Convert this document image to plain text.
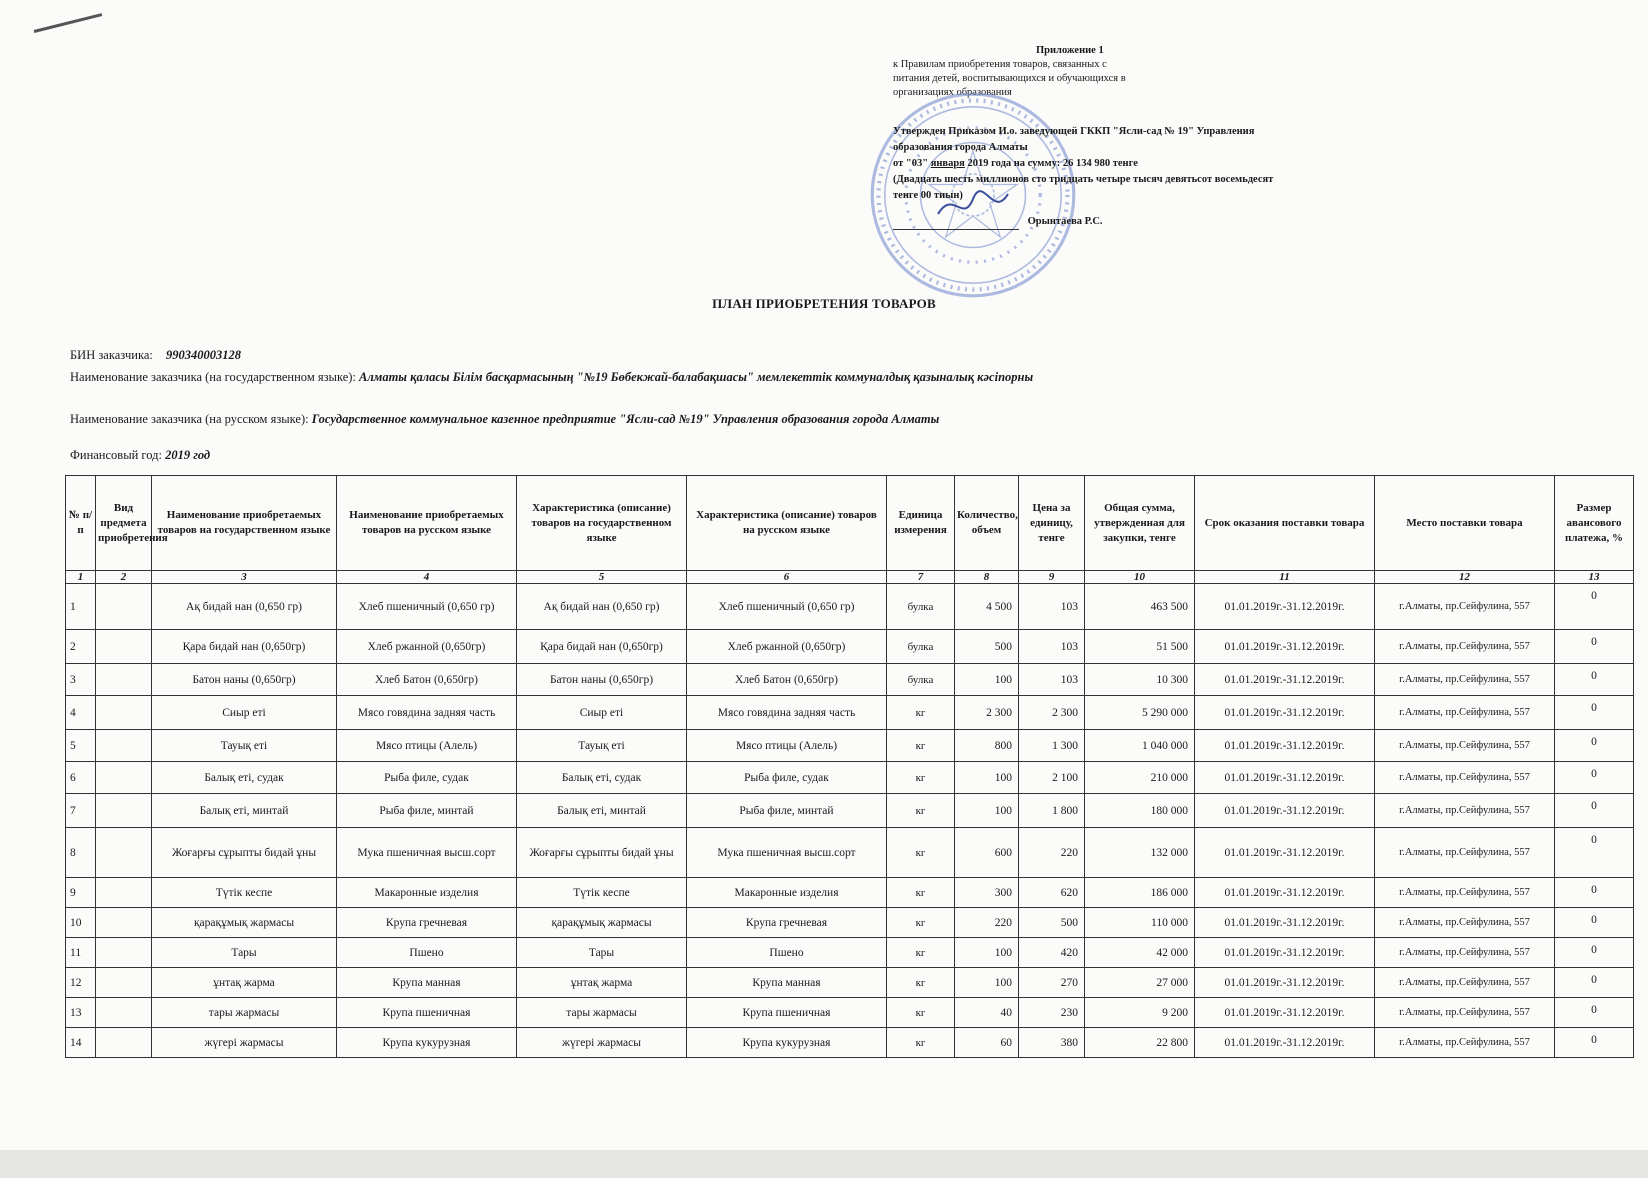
Приложение 1
к Правилам приобретения товаров, связанных с
питания детей, воспитывающихся и обучающихся в
организациях образования
Утвержден Приказом И.о. заведующей ГККП "Ясли-сад № 19" Управления
образования города Алматы
от "03" января 2019 года на сумму: 26 134 980 тенге
(Двадцать шесть миллионов сто тридцать четыре тысяч девятьсот восемьдесят
тенге 00 тиын)

Орынтаева Р.С.
ПЛАН ПРИОБРЕТЕНИЯ ТОВАРОВ
БИН заказчика: 990340003128
Наименование заказчика (на государственном языке): Алматы қаласы Білім басқармасының "№19 Бөбекжай-балабақшасы" мемлекеттік коммуналдық қазыналық кәсіпорны
Наименование заказчика (на русском языке): Государственное коммунальное казенное предприятие "Ясли-сад №19" Управления образования города Алматы
Финансовый год: 2019 год
№ п/п	Вид предмета приобретения	Наименование приобретаемых товаров на государственном языке	Наименование приобретаемых товаров на русском языке	Характеристика (описание) товаров на государственном языке	Характеристика (описание) товаров на русском языке	Единица измерения	Количество, объем	Цена за единицу, тенге	Общая сумма, утвержденная для закупки, тенге	Срок оказания поставки товара	Место поставки товара	Размер авансового платежа, %
1	2	3	4	5	6	7	8	9	10	11	12	13
1		Ақ бидай нан (0,650 гр)	Хлеб пшеничный (0,650 гр)	Ақ бидай нан (0,650 гр)	Хлеб пшеничный (0,650 гр)	булка	4 500	103	463 500	01.01.2019г.-31.12.2019г.	г.Алматы, пр.Сейфулина, 557	0
2		Қара бидай нан (0,650гр)	Хлеб ржанной (0,650гр)	Қара бидай нан (0,650гр)	Хлеб ржанной (0,650гр)	булка	500	103	51 500	01.01.2019г.-31.12.2019г.	г.Алматы, пр.Сейфулина, 557	0
3		Батон наны (0,650гр)	Хлеб Батон (0,650гр)	Батон наны (0,650гр)	Хлеб Батон (0,650гр)	булка	100	103	10 300	01.01.2019г.-31.12.2019г.	г.Алматы, пр.Сейфулина, 557	0
4		Сиыр еті	Мясо говядина задняя часть	Сиыр еті	Мясо говядина задняя часть	кг	2 300	2 300	5 290 000	01.01.2019г.-31.12.2019г.	г.Алматы, пр.Сейфулина, 557	0
5		Тауық еті	Мясо птицы (Алель)	Тауық еті	Мясо птицы (Алель)	кг	800	1 300	1 040 000	01.01.2019г.-31.12.2019г.	г.Алматы, пр.Сейфулина, 557	0
6		Балық еті, судак	Рыба филе, судак	Балық еті, судак	Рыба филе, судак	кг	100	2 100	210 000	01.01.2019г.-31.12.2019г.	г.Алматы, пр.Сейфулина, 557	0
7		Балық еті, минтай	Рыба филе, минтай	Балық еті, минтай	Рыба филе, минтай	кг	100	1 800	180 000	01.01.2019г.-31.12.2019г.	г.Алматы, пр.Сейфулина, 557	0
8		Жоғарғы сұрыпты бидай ұны	Мука пшеничная высш.сорт	Жоғарғы сұрыпты бидай ұны	Мука пшеничная высш.сорт	кг	600	220	132 000	01.01.2019г.-31.12.2019г.	г.Алматы, пр.Сейфулина, 557	0
9		Түтік кеспе	Макаронные изделия	Түтік кеспе	Макаронные изделия	кг	300	620	186 000	01.01.2019г.-31.12.2019г.	г.Алматы, пр.Сейфулина, 557	0
10		қарақұмық жармасы	Крупа гречневая	қарақұмық жармасы	Крупа гречневая	кг	220	500	110 000	01.01.2019г.-31.12.2019г.	г.Алматы, пр.Сейфулина, 557	0
11		Тары	Пшено	Тары	Пшено	кг	100	420	42 000	01.01.2019г.-31.12.2019г.	г.Алматы, пр.Сейфулина, 557	0
12		ұнтақ жарма	Крупа манная	ұнтақ жарма	Крупа манная	кг	100	270	27 000	01.01.2019г.-31.12.2019г.	г.Алматы, пр.Сейфулина, 557	0
13		тары жармасы	Крупа пшеничная	тары жармасы	Крупа пшеничная	кг	40	230	9 200	01.01.2019г.-31.12.2019г.	г.Алматы, пр.Сейфулина, 557	0
14		жүгері жармасы	Крупа кукурузная	жүгері жармасы	Крупа кукурузная	кг	60	380	22 800	01.01.2019г.-31.12.2019г.	г.Алматы, пр.Сейфулина, 557	0
